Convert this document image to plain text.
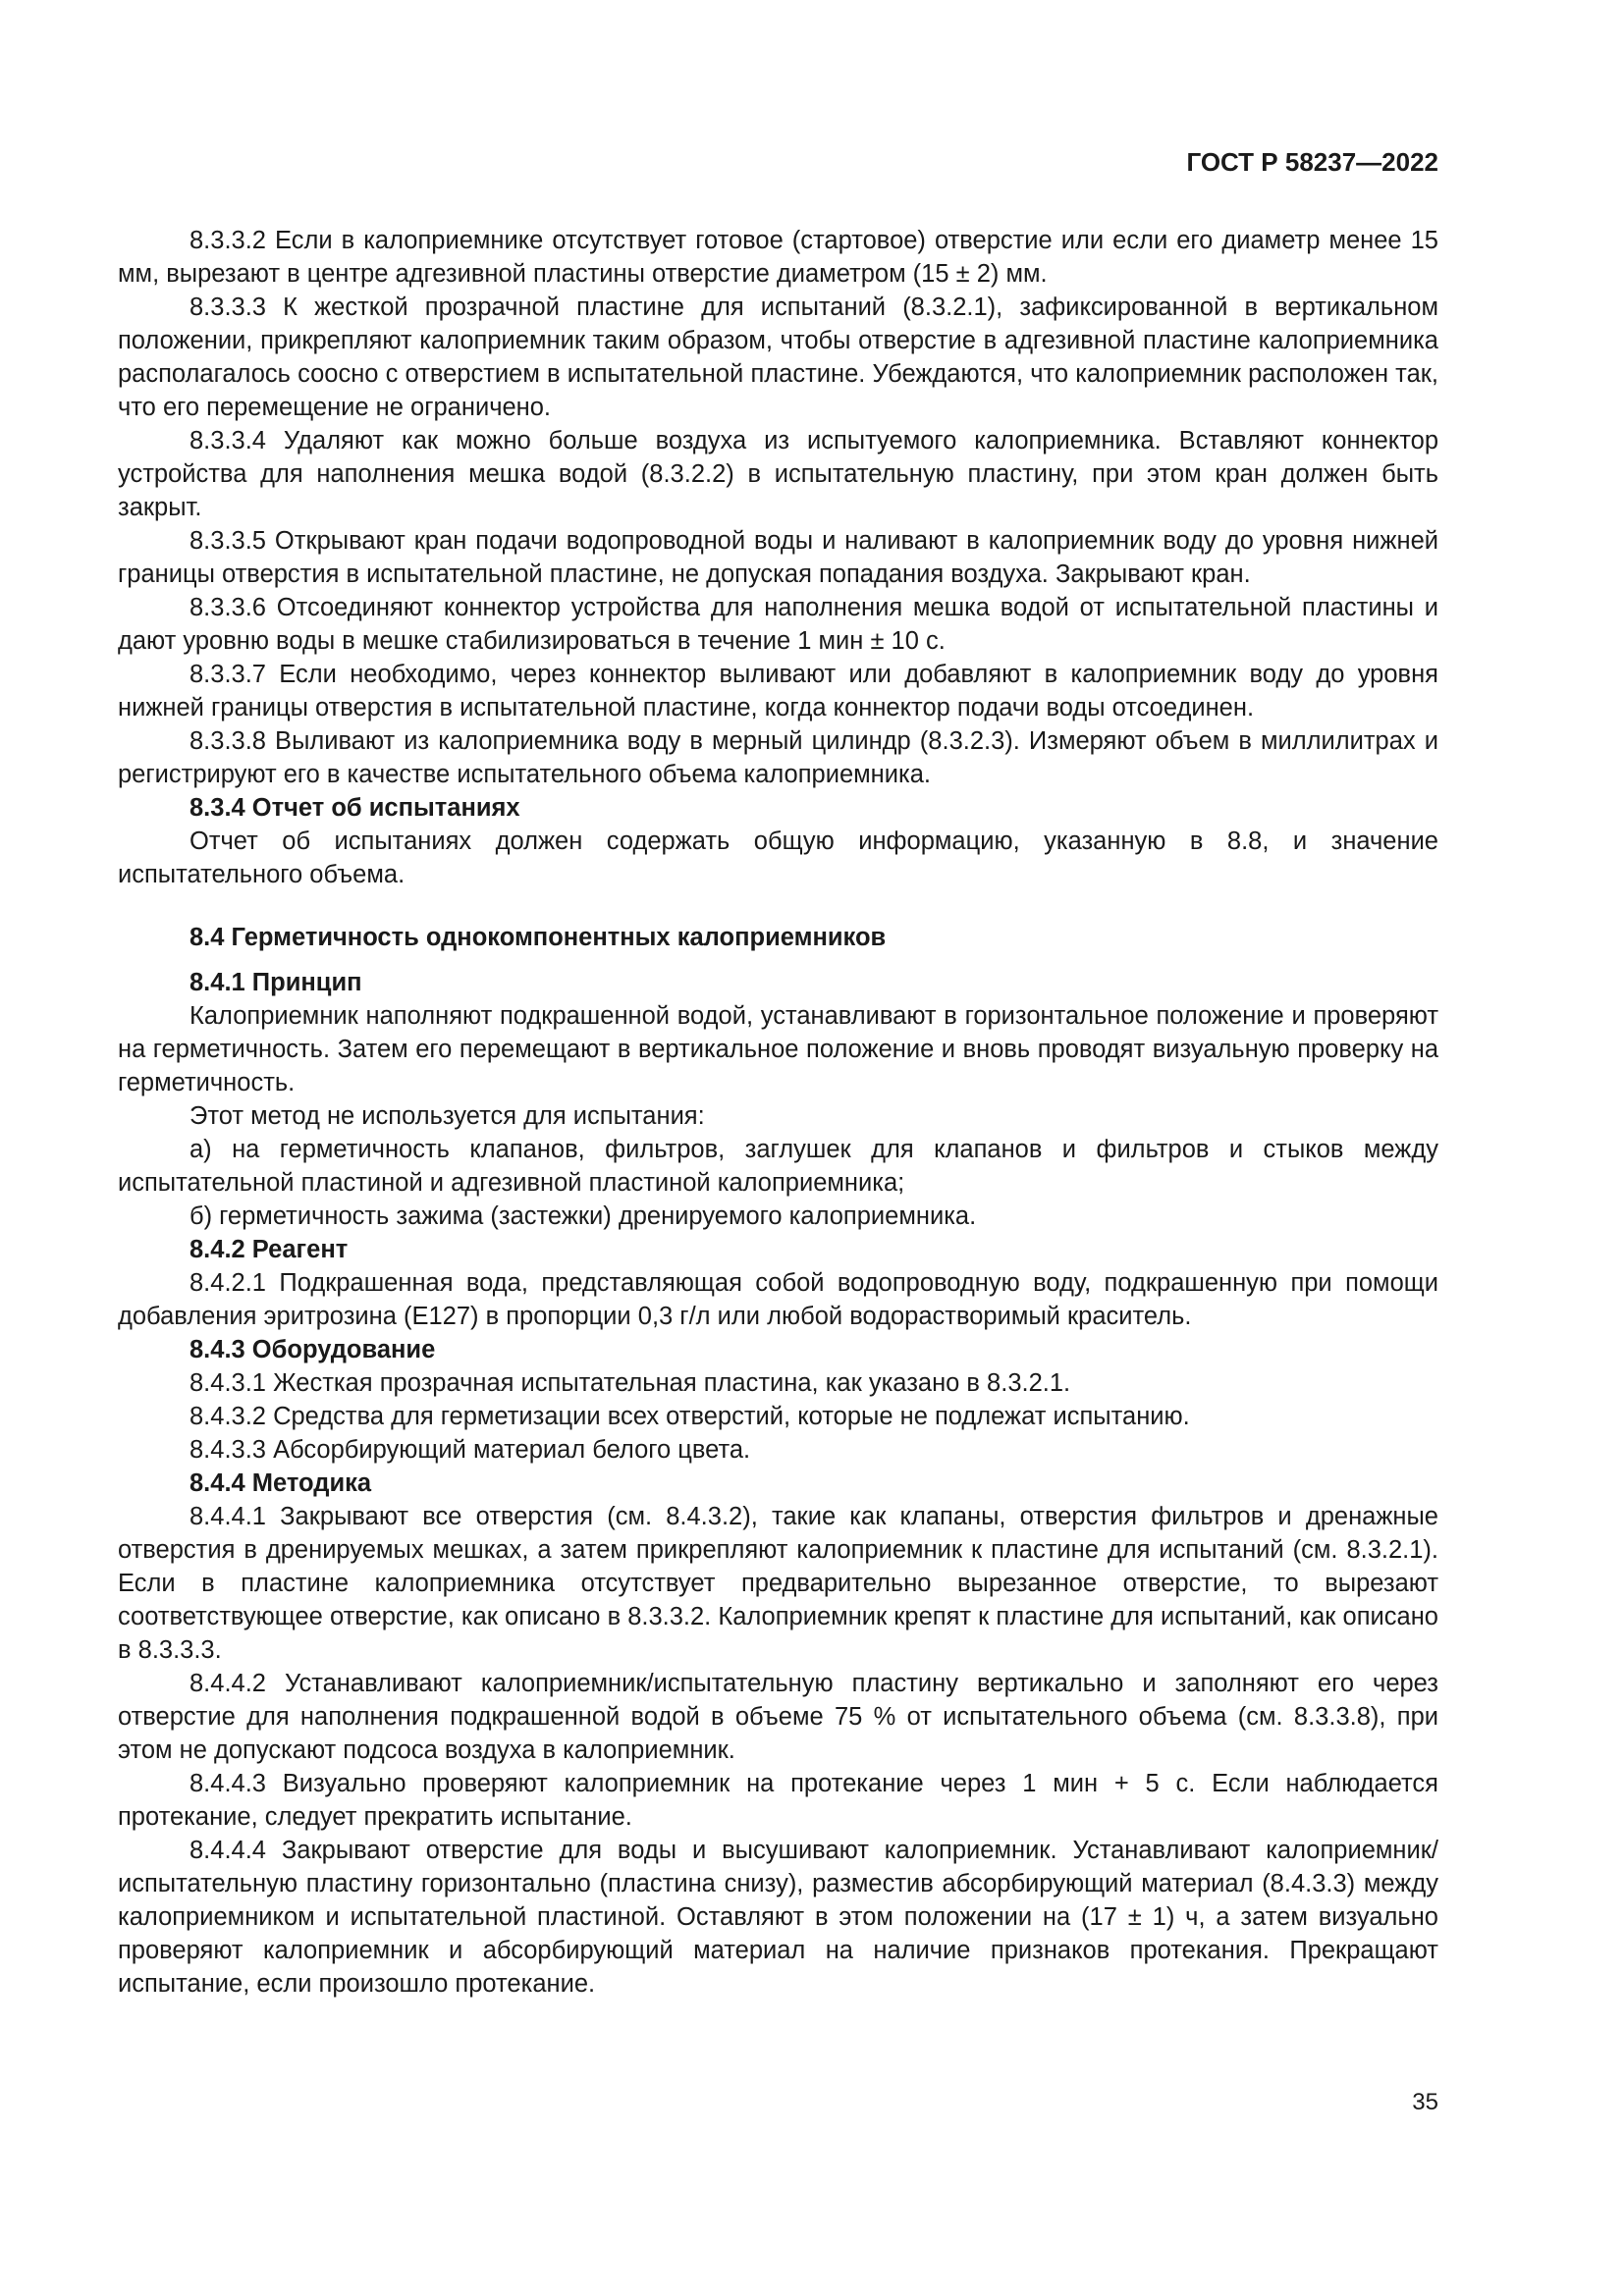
ГОСТ Р 58237—2022

8.3.3.2 Если в калоприемнике отсутствует готовое (стартовое) отверстие или если его диаметр менее 15 мм, вырезают в центре адгезивной пластины отверстие диаметром (15 ± 2) мм.

8.3.3.3 К жесткой прозрачной пластине для испытаний (8.3.2.1), зафиксированной в вертикальном положении, прикрепляют калоприемник таким образом, чтобы отверстие в адгезивной пластине калоприемника располагалось соосно с отверстием в испытательной пластине. Убеждаются, что калоприемник расположен так, что его перемещение не ограничено.

8.3.3.4 Удаляют как можно больше воздуха из испытуемого калоприемника. Вставляют коннектор устройства для наполнения мешка водой (8.3.2.2) в испытательную пластину, при этом кран должен быть закрыт.

8.3.3.5 Открывают кран подачи водопроводной воды и наливают в калоприемник воду до уровня нижней границы отверстия в испытательной пластине, не допуская попадания воздуха. Закрывают кран.

8.3.3.6 Отсоединяют коннектор устройства для наполнения мешка водой от испытательной пластины и дают уровню воды в мешке стабилизироваться в течение 1 мин ± 10 с.

8.3.3.7 Если необходимо, через коннектор выливают или добавляют в калоприемник воду до уровня нижней границы отверстия в испытательной пластине, когда коннектор подачи воды отсоединен.

8.3.3.8 Выливают из калоприемника воду в мерный цилиндр (8.3.2.3). Измеряют объем в миллилитрах и регистрируют его в качестве испытательного объема калоприемника.

8.3.4 Отчет об испытаниях

Отчет об испытаниях должен содержать общую информацию, указанную в 8.8, и значение испытательного объема.

8.4 Герметичность однокомпонентных калоприемников

8.4.1 Принцип

Калоприемник наполняют подкрашенной водой, устанавливают в горизонтальное положение и проверяют на герметичность. Затем его перемещают в вертикальное положение и вновь проводят визуальную проверку на герметичность.

Этот метод не используется для испытания:

а) на герметичность клапанов, фильтров, заглушек для клапанов и фильтров и стыков между испытательной пластиной и адгезивной пластиной калоприемника;

б) герметичность зажима (застежки) дренируемого калоприемника.

8.4.2 Реагент

8.4.2.1 Подкрашенная вода, представляющая собой водопроводную воду, подкрашенную при помощи добавления эритрозина (Е127) в пропорции 0,3 г/л или любой водорастворимый краситель.

8.4.3 Оборудование

8.4.3.1 Жесткая прозрачная испытательная пластина, как указано в 8.3.2.1.

8.4.3.2 Средства для герметизации всех отверстий, которые не подлежат испытанию.

8.4.3.3 Абсорбирующий материал белого цвета.

8.4.4 Методика

8.4.4.1 Закрывают все отверстия (см. 8.4.3.2), такие как клапаны, отверстия фильтров и дренажные отверстия в дренируемых мешках, а затем прикрепляют калоприемник к пластине для испытаний (см. 8.3.2.1). Если в пластине калоприемника отсутствует предварительно вырезанное отверстие, то вырезают соответствующее отверстие, как описано в 8.3.3.2. Калоприемник крепят к пластине для испытаний, как описано в 8.3.3.3.

8.4.4.2 Устанавливают калоприемник/испытательную пластину вертикально и заполняют его через отверстие для наполнения подкрашенной водой в объеме 75 % от испытательного объема (см. 8.3.3.8), при этом не допускают подсоса воздуха в калоприемник.

8.4.4.3 Визуально проверяют калоприемник на протекание через 1 мин + 5 с. Если наблюдается протекание, следует прекратить испытание.

8.4.4.4 Закрывают отверстие для воды и высушивают калоприемник. Устанавливают калоприемник/испытательную пластину горизонтально (пластина снизу), разместив абсорбирующий материал (8.4.3.3) между калоприемником и испытательной пластиной. Оставляют в этом положении на (17 ± 1) ч, а затем визуально проверяют калоприемник и абсорбирующий материал на наличие признаков протекания. Прекращают испытание, если произошло протекание.

35
